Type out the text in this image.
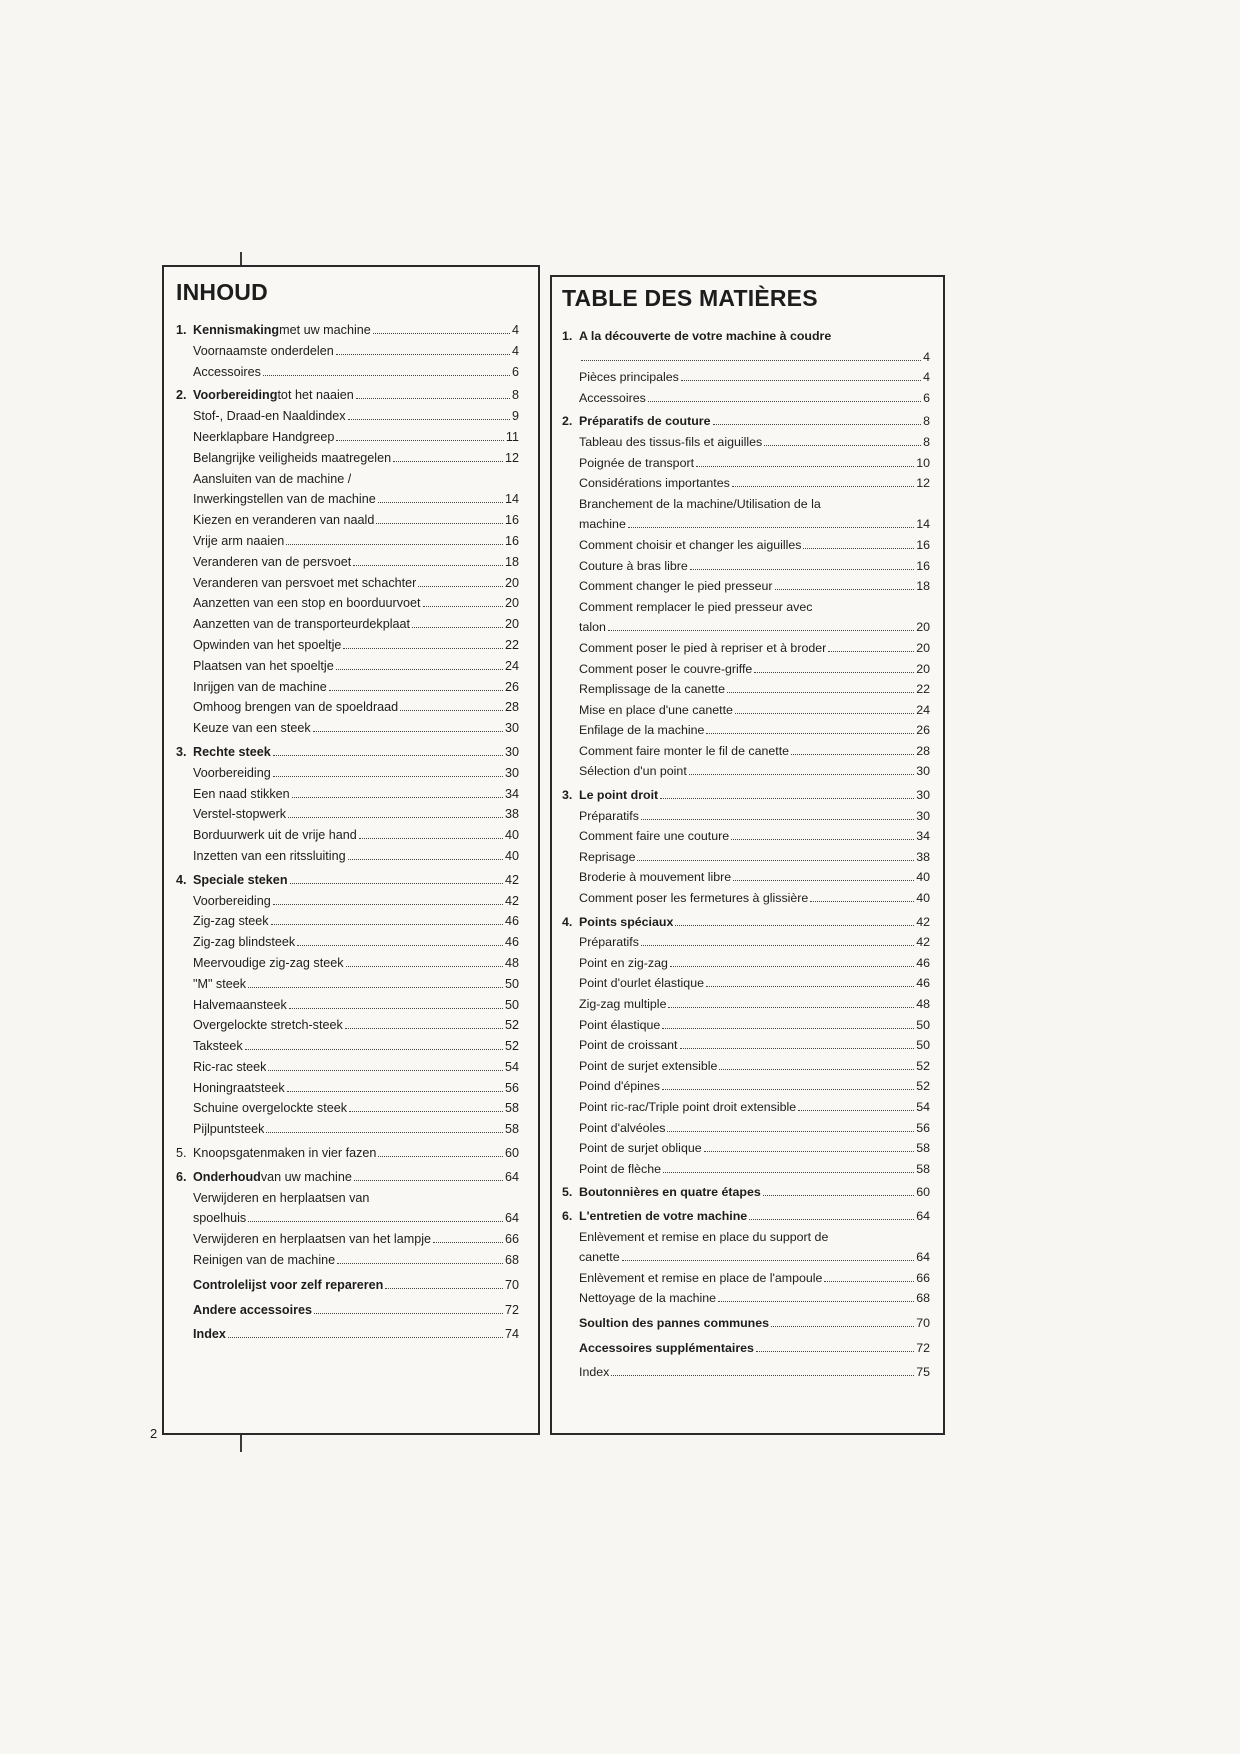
INHOUD
1. Kennismaking met uw machine	4
Voornaamste onderdelen	4
Accessoires	6
2. Voorbereiding tot het naaien	8
Stof-, Draad-en Naaldindex	9
Neerklapbare Handgreep	11
Belangrijke veiligheids maatregelen	12
Aansluiten van de machine /
Inwerkingstellen van de machine	14
Kiezen en veranderen van naald	16
Vrije arm naaien	16
Veranderen van de persvoet	18
Veranderen van persvoet met schachter	20
Aanzetten van een stop en boorduurvoet	20
Aanzetten van de transporteurdekplaat	20
Opwinden van het spoeltje	22
Plaatsen van het spoeltje	24
Inrijgen van de machine	26
Omhoog brengen van de spoeldraad	28
Keuze van een steek	30
3. Rechte steek	30
Voorbereiding	30
Een naad stikken	34
Verstel-stopwerk	38
Borduurwerk uit de vrije hand	40
Inzetten van een ritssluiting	40
4. Speciale steken	42
Voorbereiding	42
Zig-zag steek	46
Zig-zag blindsteek	46
Meervoudige zig-zag steek	48
"M" steek	50
Halvemaansteek	50
Overgelockte stretch-steek	52
Taksteek	52
Ric-rac steek	54
Honingraatsteek	56
Schuine overgelockte steek	58
Pijlpuntsteek	58
5. Knoopsgaten maken in vier fazen	60
6. Onderhoud van uw machine	64
Verwijderen en herplaatsen van
spoelhuis	64
Verwijderen en herplaatsen van het lampje	66
Reinigen van de machine	68
Controlelijst voor zelf repareren	70
Andere accessoires	72
Index	74
TABLE DES MATIÈRES
1. A la découverte de votre machine à coudre
4
Pièces principales	4
Accessoires	6
2. Préparatifs de couture	8
Tableau des tissus-fils et aiguilles	8
Poignée de transport	10
Considérations importantes	12
Branchement de la machine/Utilisation de la
machine	14
Comment choisir et changer les aiguilles	16
Couture à bras libre	16
Comment changer le pied presseur	18
Comment remplacer le pied presseur avec
talon	20
Comment poser le pied à repriser et à broder	20
Comment poser le couvre-griffe	20
Remplissage de la canette	22
Mise en place d'une canette	24
Enfilage de la machine	26
Comment faire monter le fil de canette	28
Sélection d'un point	30
3. Le point droit	30
Préparatifs	30
Comment faire une couture	34
Reprisage	38
Broderie à mouvement libre	40
Comment poser les fermetures à glissière	40
4. Points spéciaux	42
Préparatifs	42
Point en zig-zag	46
Point d'ourlet élastique	46
Zig-zag multiple	48
Point élastique	50
Point de croissant	50
Point de surjet extensible	52
Poind d'épines	52
Point ric-rac/Triple point droit extensible	54
Point d'alvéoles	56
Point de surjet oblique	58
Point de flèche	58
5. Boutonnières en quatre étapes	60
6. L'entretien de votre machine	64
Enlèvement et remise en place du support de
canette	64
Enlèvement et remise en place de l'ampoule	66
Nettoyage de la machine	68
Soultion des pannes communes	70
Accessoires supplémentaires	72
Index	75
2
